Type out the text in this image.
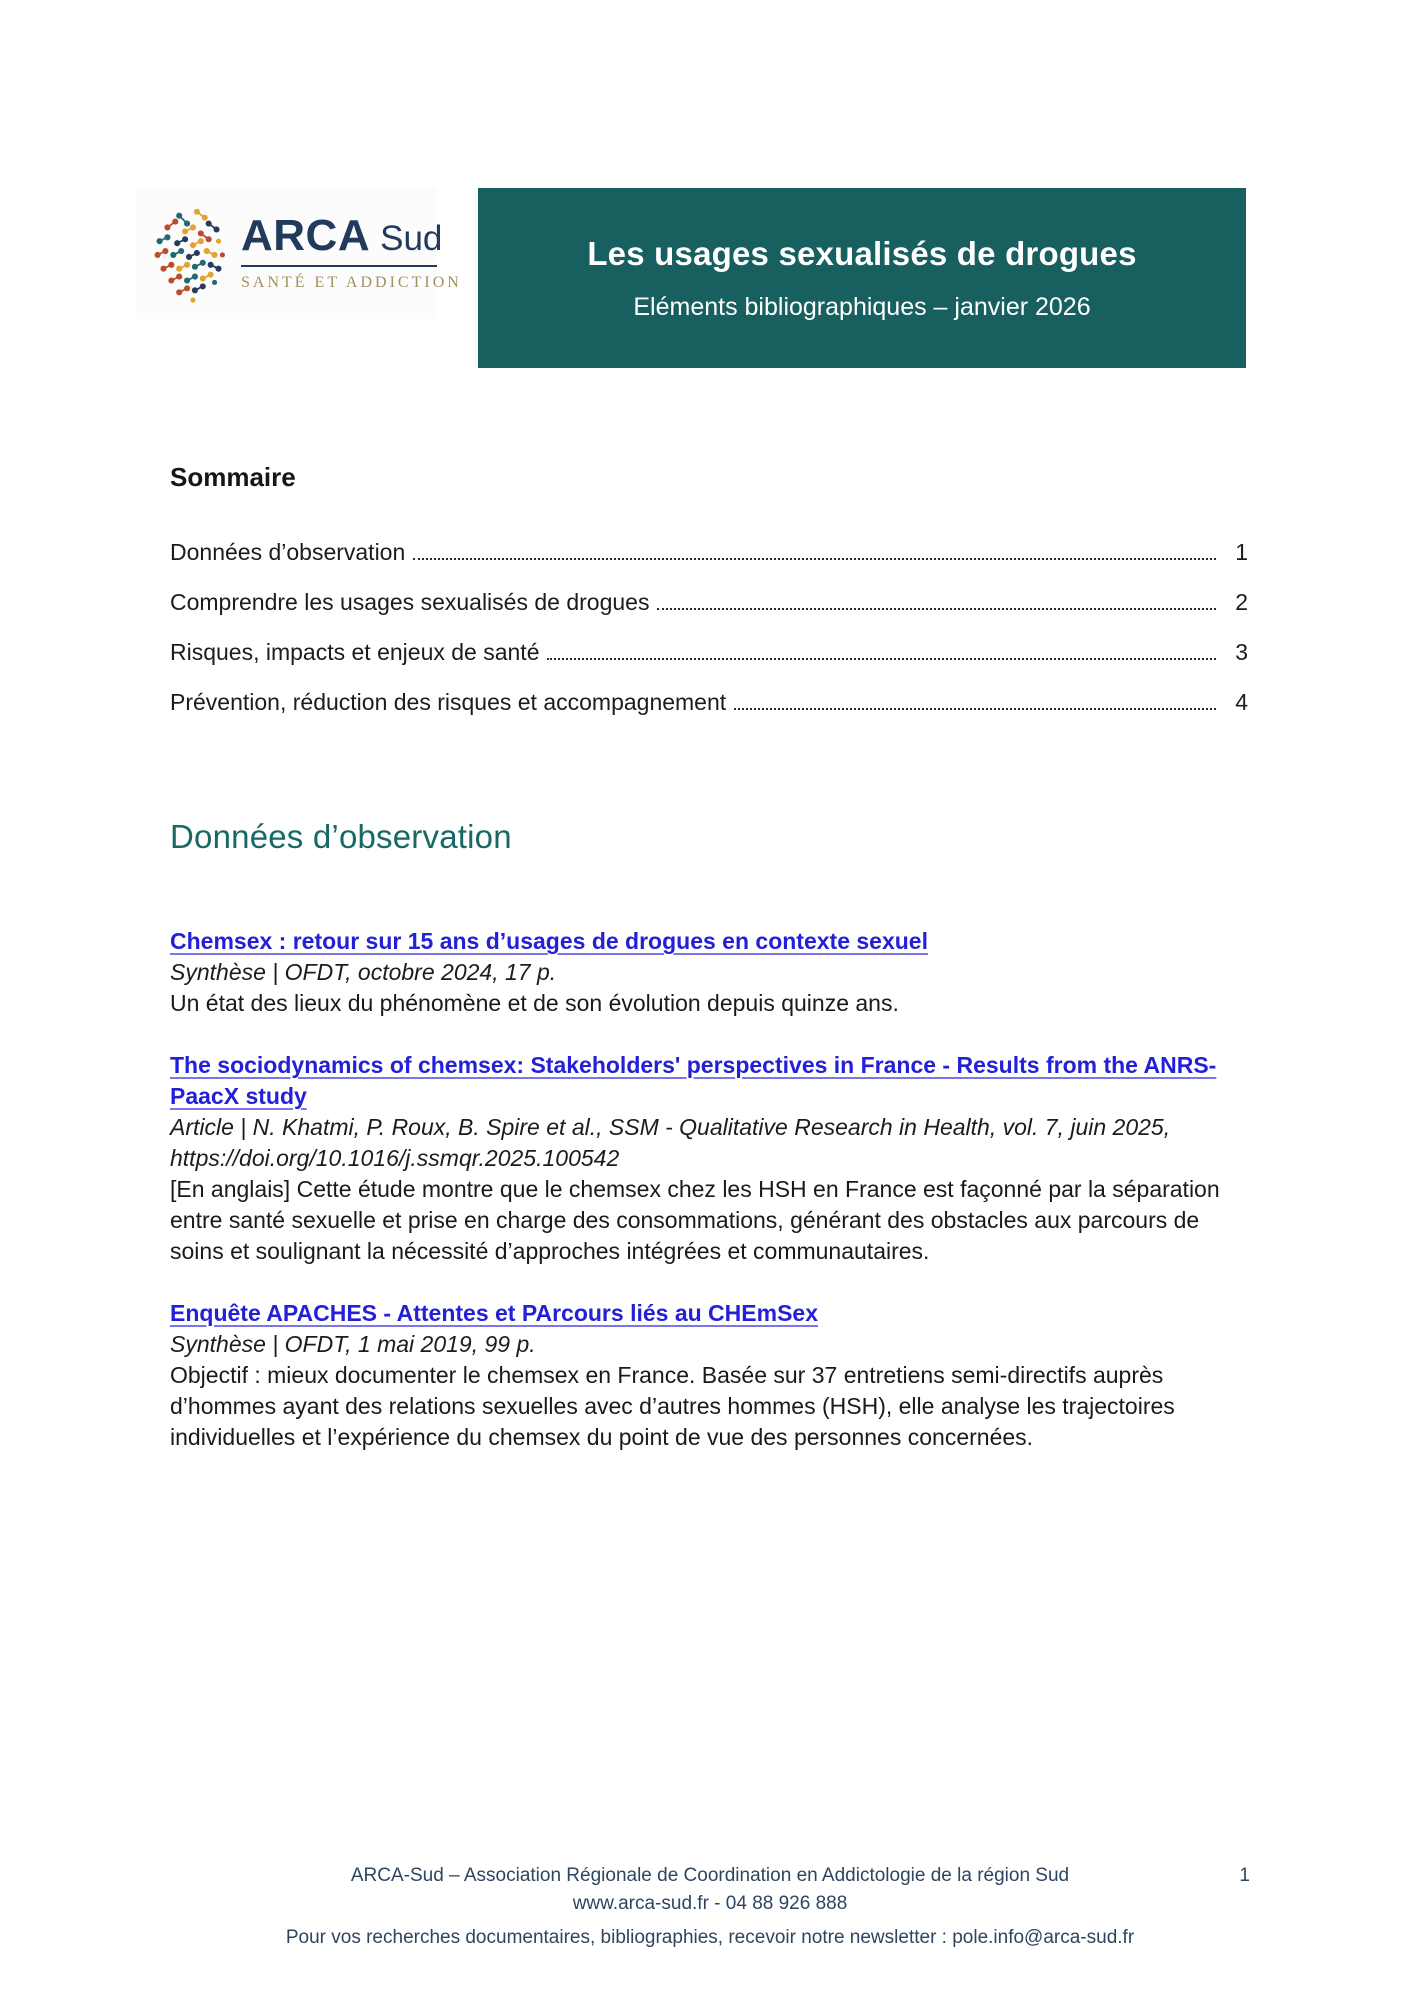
ARCA Sud
SANTÉ ET ADDICTION
Les usages sexualisés de drogues

Eléments bibliographiques – janvier 2026

Sommaire
Données d’observation	1
Comprendre les usages sexualisés de drogues	2
Risques, impacts et enjeux de santé	3
Prévention, réduction des risques et accompagnement	4
Données d’observation
Chemsex : retour sur 15 ans d’usages de drogues en contexte sexuel
Synthèse | OFDT, octobre 2024, 17 p.
Un état des lieux du phénomène et de son évolution depuis quinze ans.
The sociodynamics of chemsex: Stakeholders' perspectives in France - Results from the ANRS-PaacX study
Article | N. Khatmi, P. Roux, B. Spire et al., SSM - Qualitative Research in Health, vol. 7, juin 2025, https://doi.org/10.1016/j.ssmqr.2025.100542
[En anglais] Cette étude montre que le chemsex chez les HSH en France est façonné par la séparation entre santé sexuelle et prise en charge des consommations, générant des obstacles aux parcours de soins et soulignant la nécessité d’approches intégrées et communautaires.
Enquête APACHES - Attentes et PArcours liés au CHEmSex
Synthèse | OFDT, 1 mai 2019, 99 p.
Objectif : mieux documenter le chemsex en France. Basée sur 37 entretiens semi-directifs auprès d’hommes ayant des relations sexuelles avec d’autres hommes (HSH), elle analyse les trajectoires individuelles et l’expérience du chemsex du point de vue des personnes concernées.
ARCA-Sud – Association Régionale de Coordination en Addictologie de la région Sud
www.arca-sud.fr - 04 88 926 888
Pour vos recherches documentaires, bibliographies, recevoir notre newsletter : pole.info@arca-sud.fr
1
